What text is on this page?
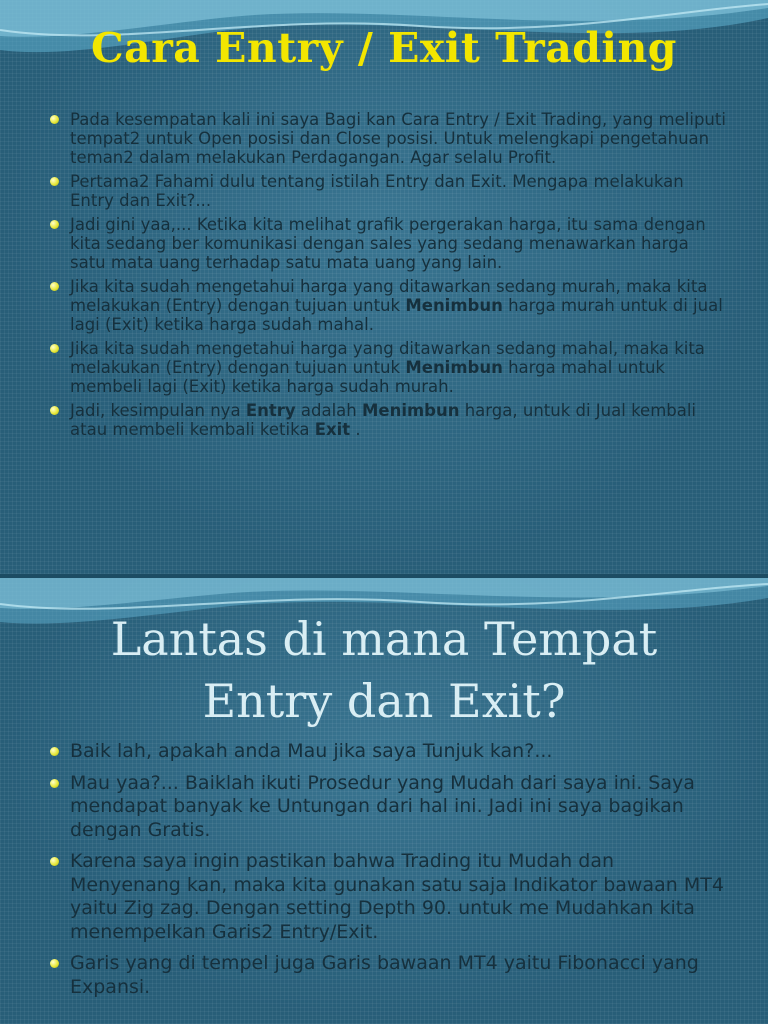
Cara Entry / Exit Trading
Pada kesempatan kali ini saya Bagi kan Cara Entry / Exit Trading, yang meliputi tempat2 untuk Open posisi dan Close posisi. Untuk melengkapi pengetahuan teman2 dalam melakukan Perdagangan. Agar selalu Profit.
Pertama2 Fahami dulu tentang istilah Entry dan Exit. Mengapa melakukan Entry dan Exit?...
Jadi gini yaa,... Ketika kita melihat grafik pergerakan harga, itu sama dengan kita sedang ber komunikasi dengan sales yang sedang menawarkan harga satu mata uang terhadap satu mata uang yang lain.
Jika kita sudah mengetahui harga yang ditawarkan sedang murah, maka kita melakukan (Entry) dengan tujuan untuk Menimbun harga murah untuk di jual lagi (Exit) ketika harga sudah mahal.
Jika kita sudah mengetahui harga yang ditawarkan sedang mahal, maka kita melakukan (Entry) dengan tujuan untuk Menimbun harga mahal untuk membeli lagi (Exit) ketika harga sudah murah.
Jadi, kesimpulan nya Entry adalah Menimbun harga, untuk di Jual kembali atau membeli kembali ketika Exit .
Lantas di mana Tempat
Entry dan Exit?
Baik lah, apakah anda Mau jika saya Tunjuk kan?...
Mau yaa?... Baiklah ikuti Prosedur yang Mudah dari saya ini. Saya mendapat banyak ke Untungan dari hal ini. Jadi ini saya bagikan dengan Gratis.
Karena saya ingin pastikan bahwa Trading itu Mudah dan Menyenang kan, maka kita gunakan satu saja Indikator bawaan MT4 yaitu Zig zag. Dengan setting Depth 90. untuk me Mudahkan kita menempelkan Garis2 Entry/Exit.
Garis yang di tempel juga Garis bawaan MT4 yaitu Fibonacci yang Expansi.
